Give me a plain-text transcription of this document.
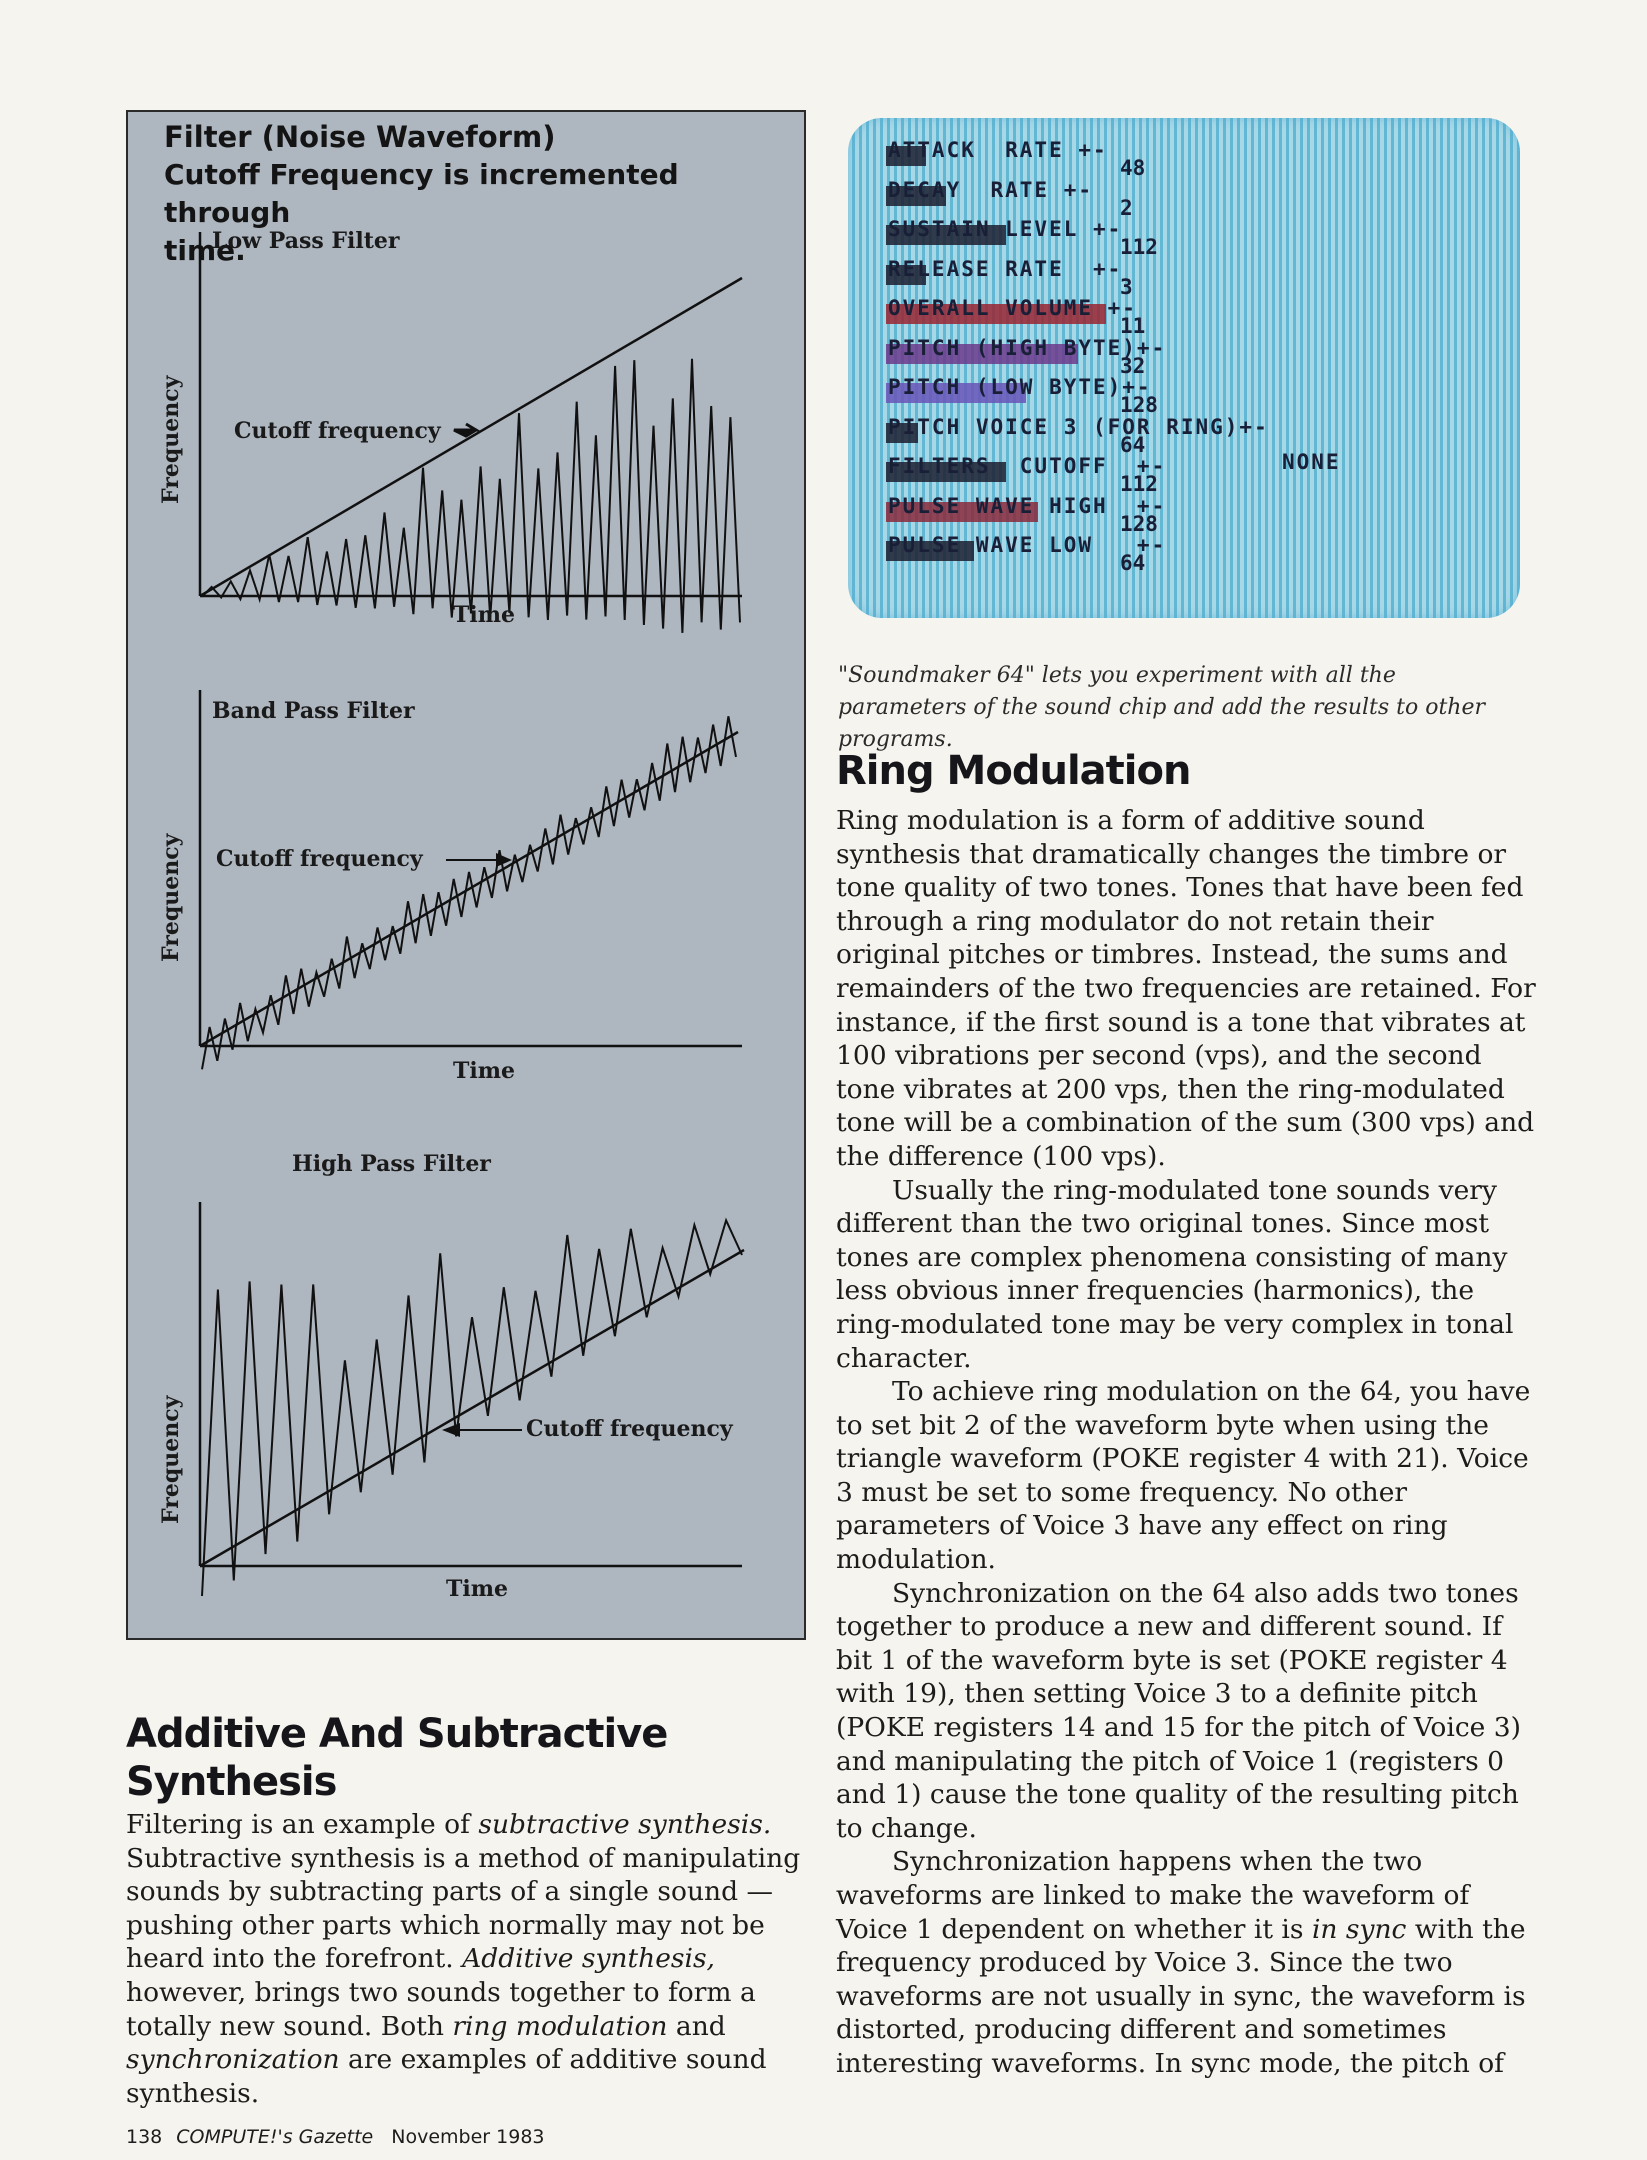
Filter (Noise Waveform)
Cutoff Frequency is incremented through
time.
Low Pass Filter
Cutoff frequency
Time
Frequency
Band Pass Filter
Cutoff frequency
Time
Frequency
High Pass Filter
Cutoff frequency
Time
Frequency
ATTACK  RATE +-
48
DECAY  RATE +-
2
SUSTAIN LEVEL +-
112
RELEASE RATE  +-
3
OVERALL VOLUME +-
11
PITCH (HIGH BYTE)+-
32
PITCH (LOW BYTE)+-
128
PITCH VOICE 3 (FOR RING)+-
64
FILTERS  CUTOFF  +-
112
PULSE WAVE HIGH  +-
128
PULSE WAVE LOW   +-
64
NONE
"Soundmaker 64" lets you experiment with all the parameters of the sound chip and add the results to other programs.
Ring Modulation

Ring modulation is a form of additive sound synthesis that dramatically changes the timbre or tone quality of two tones. Tones that have been fed through a ring modulator do not retain their original pitches or timbres. Instead, the sums and remainders of the two frequencies are retained. For instance, if the first sound is a tone that vibrates at 100 vibrations per second (vps), and the second tone vibrates at 200 vps, then the ring-modulated tone will be a combination of the sum (300 vps) and the difference (100 vps).

Usually the ring-modulated tone sounds very different than the two original tones. Since most tones are complex phenomena consisting of many less obvious inner frequencies (harmonics), the ring-modulated tone may be very complex in tonal character.

To achieve ring modulation on the 64, you have to set bit 2 of the waveform byte when using the triangle waveform (POKE register 4 with 21). Voice 3 must be set to some frequency. No other parameters of Voice 3 have any effect on ring modulation.

Synchronization on the 64 also adds two tones together to produce a new and different sound. If bit 1 of the waveform byte is set (POKE register 4 with 19), then setting Voice 3 to a definite pitch (POKE registers 14 and 15 for the pitch of Voice 3) and manipulating the pitch of Voice 1 (registers 0 and 1) cause the tone quality of the resulting pitch to change.

Synchronization happens when the two waveforms are linked to make the waveform of Voice 1 dependent on whether it is in sync with the frequency produced by Voice 3. Since the two waveforms are not usually in sync, the waveform is distorted, producing different and sometimes interesting waveforms. In sync mode, the pitch of

Additive And Subtractive
Synthesis

Filtering is an example of subtractive synthesis. Subtractive synthesis is a method of manipulating sounds by subtracting parts of a single sound — pushing other parts which normally may not be heard into the forefront. Additive synthesis, however, brings two sounds together to form a totally new sound. Both ring modulation and synchronization are examples of additive sound synthesis.

138 COMPUTE!'s Gazette November 1983
